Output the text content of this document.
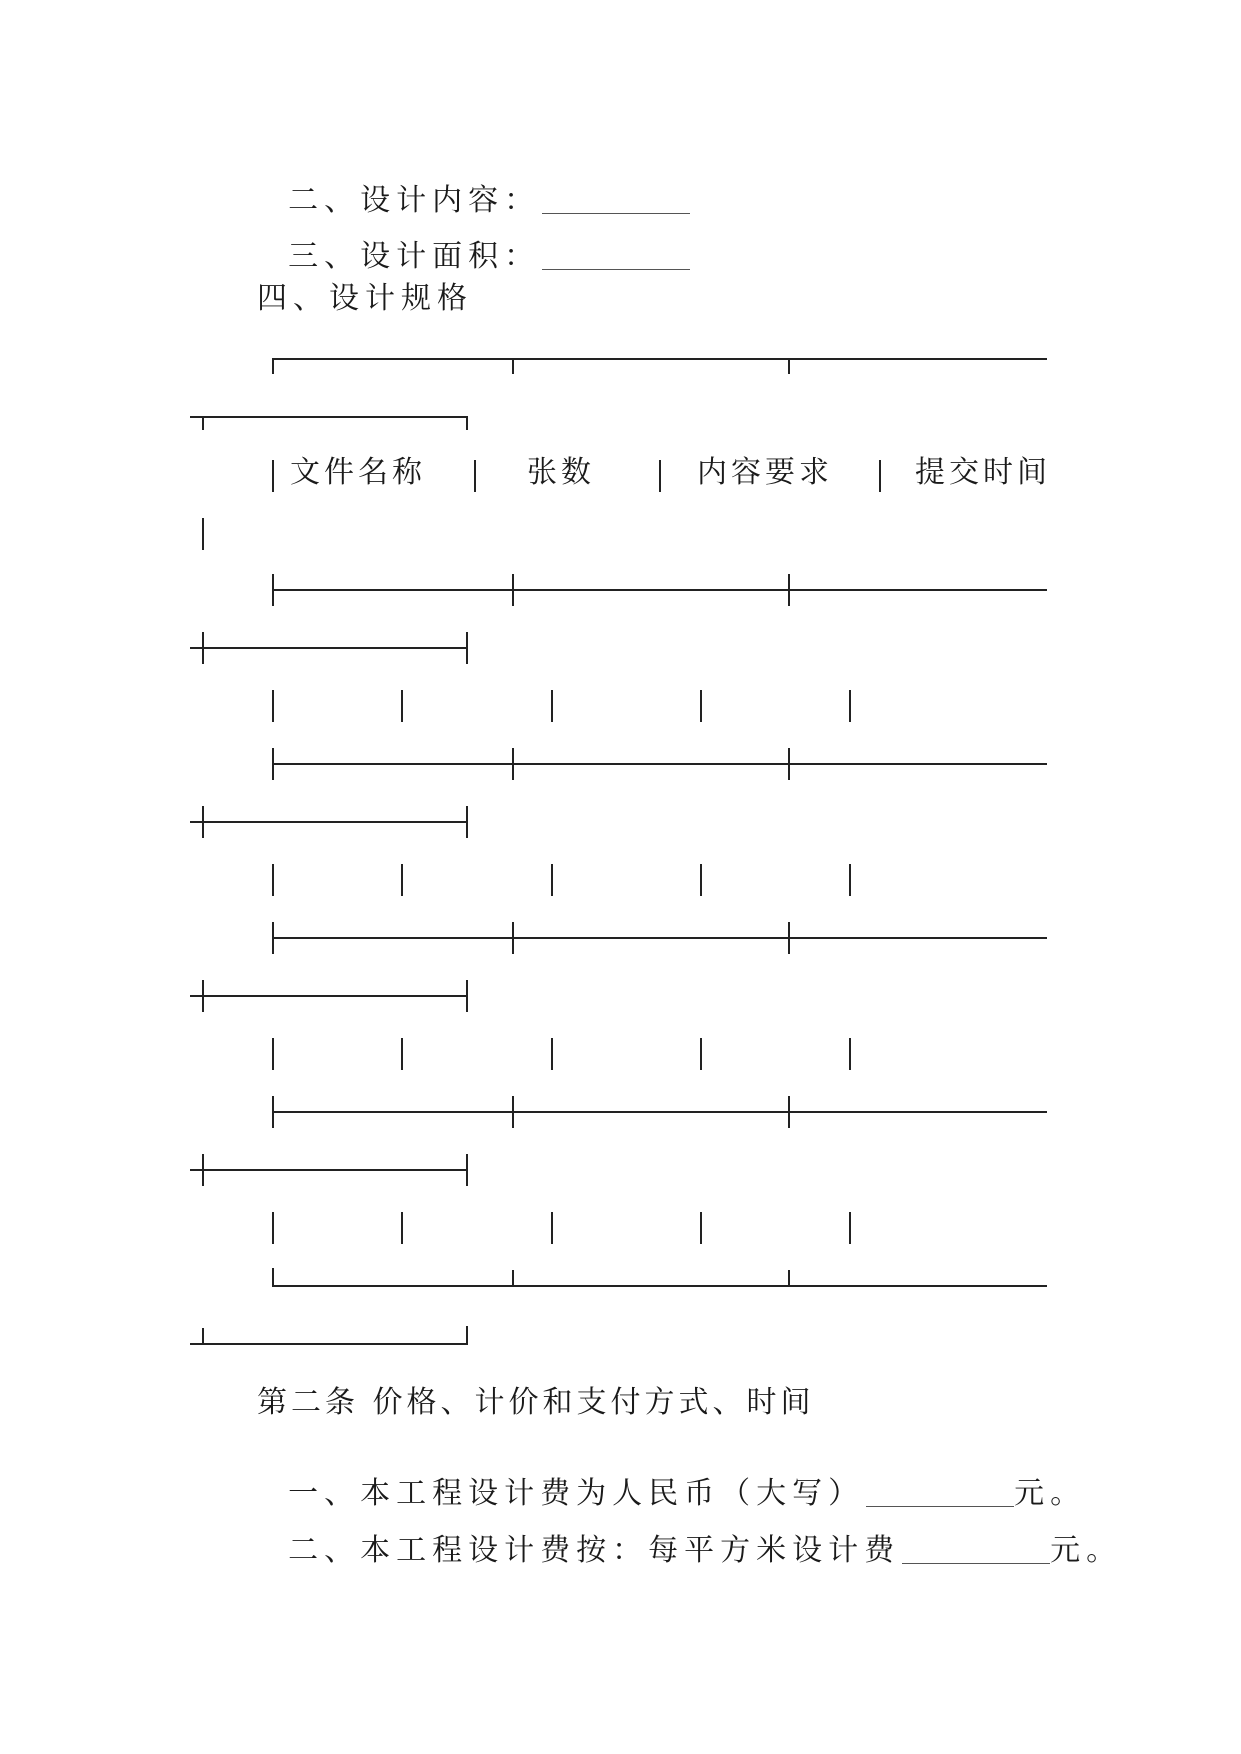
二、设计内容：

三、设计面积：

四、设计规格
文件名称	张数	内容要求	提交时间
第二条 价格、计价和支付方式、时间

一、本工程设计费为人民币（大写）	元。

二、本工程设计费按：每平方米设计费	元。
